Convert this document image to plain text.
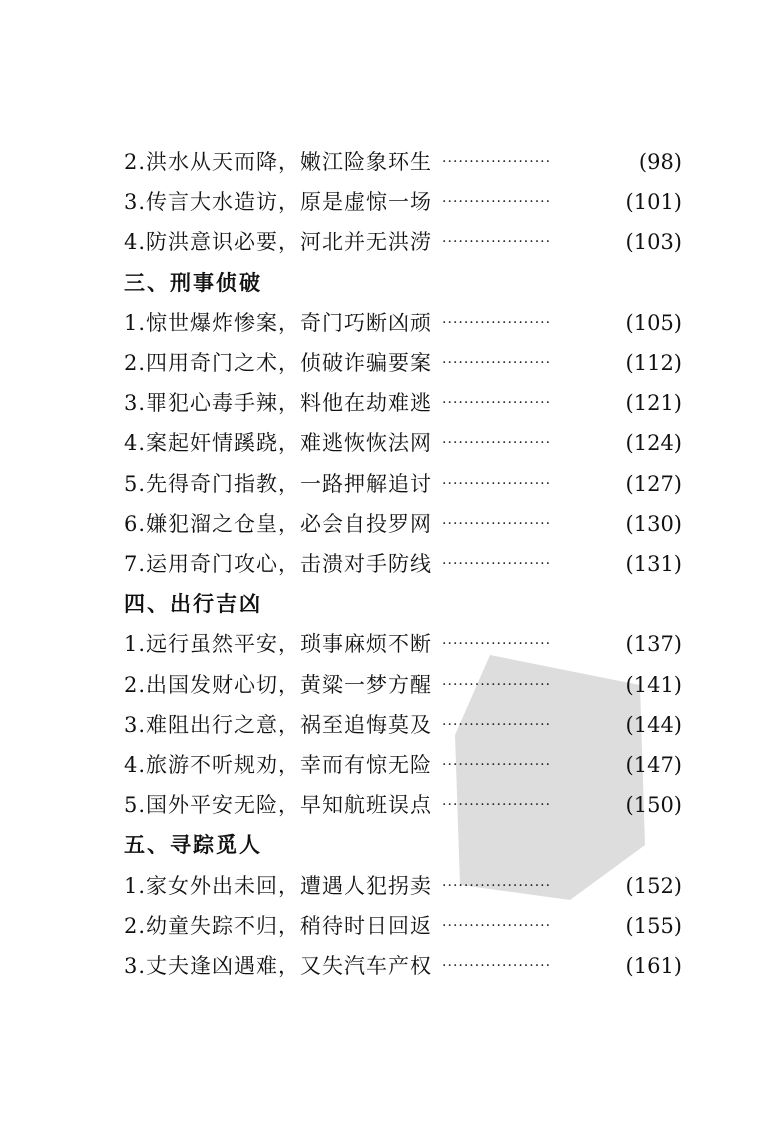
2.洪水从天而降，嫩江险象环生 ····················	(98)
3.传言大水造访，原是虚惊一场 ····················	(101)
4.防洪意识必要，河北并无洪涝 ····················	(103)
三、刑事侦破
1.惊世爆炸惨案，奇门巧断凶顽 ····················	(105)
2.四用奇门之术，侦破诈骗要案 ····················	(112)
3.罪犯心毒手辣，料他在劫难逃 ····················	(121)
4.案起奸情蹊跷，难逃恢恢法网 ····················	(124)
5.先得奇门指教，一路押解追讨 ····················	(127)
6.嫌犯溜之仓皇，必会自投罗网 ····················	(130)
7.运用奇门攻心，击溃对手防线 ····················	(131)
四、出行吉凶
1.远行虽然平安，琐事麻烦不断 ····················	(137)
2.出国发财心切，黄粱一梦方醒 ····················	(141)
3.难阻出行之意，祸至追悔莫及 ····················	(144)
4.旅游不听规劝，幸而有惊无险 ····················	(147)
5.国外平安无险，早知航班误点 ····················	(150)
五、寻踪觅人
1.家女外出未回，遭遇人犯拐卖 ····················	(152)
2.幼童失踪不归，稍待时日回返 ····················	(155)
3.丈夫逢凶遇难，又失汽车产权 ····················	(161)
